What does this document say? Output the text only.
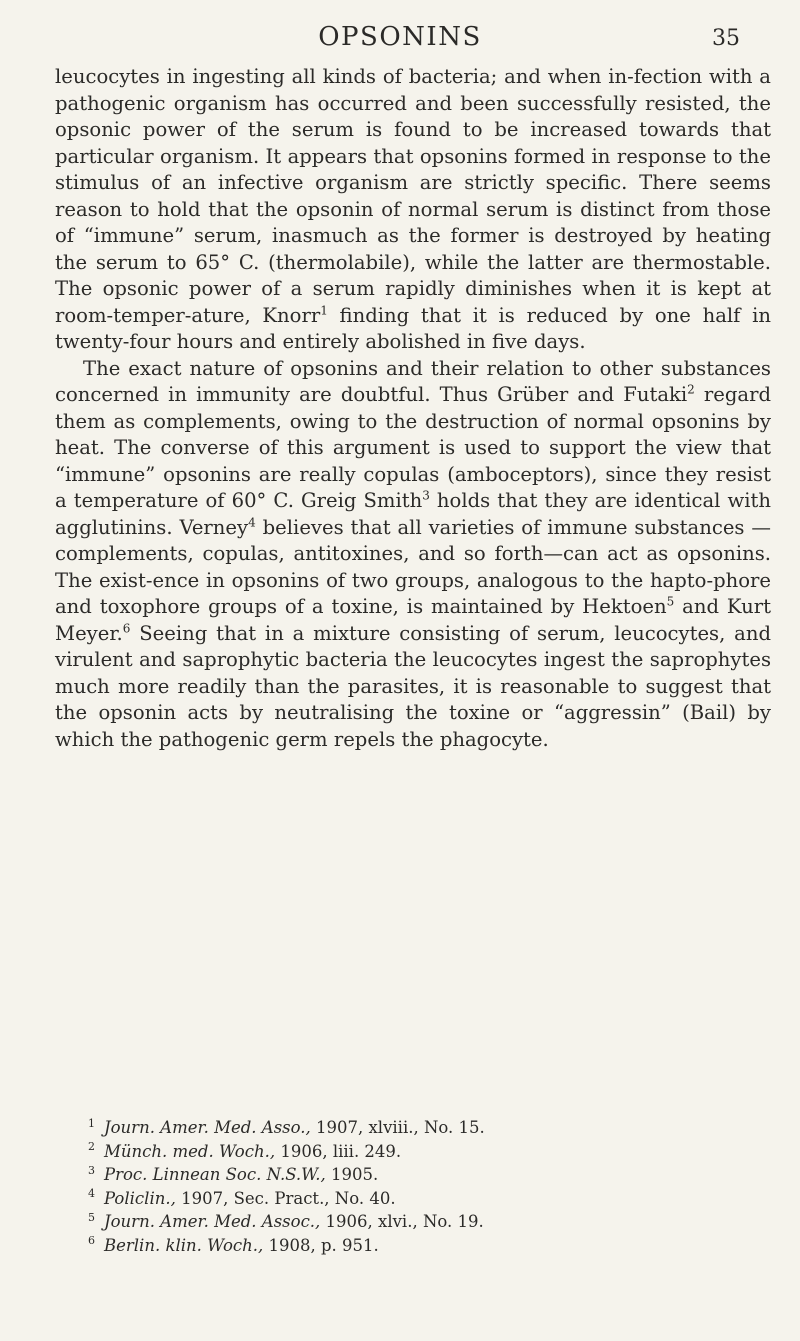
OPSONINS	35

leucocytes in ingesting all kinds of bacteria; and when in-fection with a pathogenic organism has occurred and been successfully resisted, the opsonic power of the serum is found to be increased towards that particular organism. It appears that opsonins formed in response to the stimulus of an infective organism are strictly specific. There seems reason to hold that the opsonin of normal serum is distinct from those of “immune” serum, inasmuch as the former is destroyed by heating the serum to 65° C. (thermolabile), while the latter are thermostable. The opsonic power of a serum rapidly diminishes when it is kept at room-temper-ature, Knorr$^1$ finding that it is reduced by one half in twenty-four hours and entirely abolished in five days.

The exact nature of opsonins and their relation to other substances concerned in immunity are doubtful. Thus Grüber and Futaki$^2$ regard them as complements, owing to the destruction of normal opsonins by heat. The converse of this argument is used to support the view that “immune” opsonins are really copulas (amboceptors), since they resist a temperature of 60° C. Greig Smith$^3$ holds that they are identical with agglutinins. Verney$^4$ believes that all varieties of immune substances — complements, copulas, antitoxines, and so forth—can act as opsonins. The exist-ence in opsonins of two groups, analogous to the hapto-phore and toxophore groups of a toxine, is maintained by Hektoen$^5$ and Kurt Meyer.$^6$ Seeing that in a mixture consisting of serum, leucocytes, and virulent and saprophytic bacteria the leucocytes ingest the saprophytes much more readily than the parasites, it is reasonable to suggest that the opsonin acts by neutralising the toxine or “aggressin” (Bail) by which the pathogenic germ repels the phagocyte.

1 Journ. Amer. Med. Asso., 1907, xlviii., No. 15.
2 Münch. med. Woch., 1906, liii. 249.
3 Proc. Linnean Soc. N.S.W., 1905.
4 Policlin., 1907, Sec. Pract., No. 40.
5 Journ. Amer. Med. Assoc., 1906, xlvi., No. 19.
6 Berlin. klin. Woch., 1908, p. 951.
